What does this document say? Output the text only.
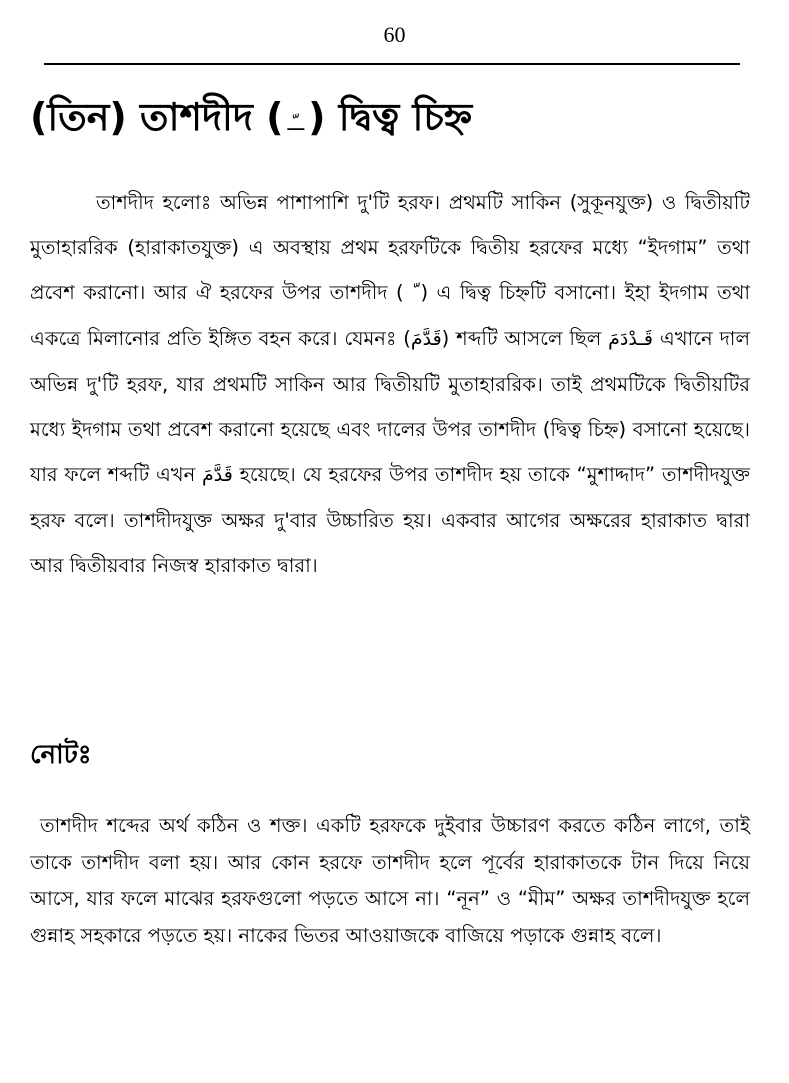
60
(তিন) তাশদীদ ( ــّـ ) দ্বিত্ব চিহ্ন

তাশদীদ হলোঃ অভিন্ন পাশাপাশি দু'টি হরফ। প্রথমটি সাকিন (সুকূনযুক্ত) ও দ্বিতীয়টি মুতাহাররিক (হারাকাতযুক্ত) এ অবস্থায় প্রথম হরফটিকে দ্বিতীয় হরফের মধ্যে “ইদগাম” তথা প্রবেশ করানো। আর ঐ হরফের উপর তাশদীদ ( ) এ দ্বিত্ব চিহ্নটি বসানো। ইহা ইদগাম তথা একত্রে মিলানোর প্রতি ইঙ্গিত বহন করে। যেমনঃ (قَدَّمَ) শব্দটি আসলে ছিল قَـدْدَمَ এখানে দাল অভিন্ন দু'টি হরফ, যার প্রথমটি সাকিন আর দ্বিতীয়টি মুতাহাররিক। তাই প্রথমটিকে দ্বিতীয়টির মধ্যে ইদগাম তথা প্রবেশ করানো হয়েছে এবং দালের উপর তাশদীদ (দ্বিত্ব চিহ্ন) বসানো হয়েছে। যার ফলে শব্দটি এখন قَدَّمَ হয়েছে। যে হরফের উপর তাশদীদ হয় তাকে “মুশাদ্দাদ” তাশদীদযুক্ত হরফ বলে। তাশদীদযুক্ত অক্ষর দু'বার উচ্চারিত হয়। একবার আগের অক্ষরের হারাকাত দ্বারা আর দ্বিতীয়বার নিজস্ব হারাকাত দ্বারা।

নোটঃ

তাশদীদ শব্দের অর্থ কঠিন ও শক্ত। একটি হরফকে দুইবার উচ্চারণ করতে কঠিন লাগে, তাই তাকে তাশদীদ বলা হয়। আর কোন হরফে তাশদীদ হলে পূর্বের হারাকাতকে টান দিয়ে নিয়ে আসে, যার ফলে মাঝের হরফগুলো পড়তে আসে না। “নূন” ও “মীম” অক্ষর তাশদীদযুক্ত হলে গুন্নাহ সহকারে পড়তে হয়। নাকের ভিতর আওয়াজকে বাজিয়ে পড়াকে গুন্নাহ বলে।
